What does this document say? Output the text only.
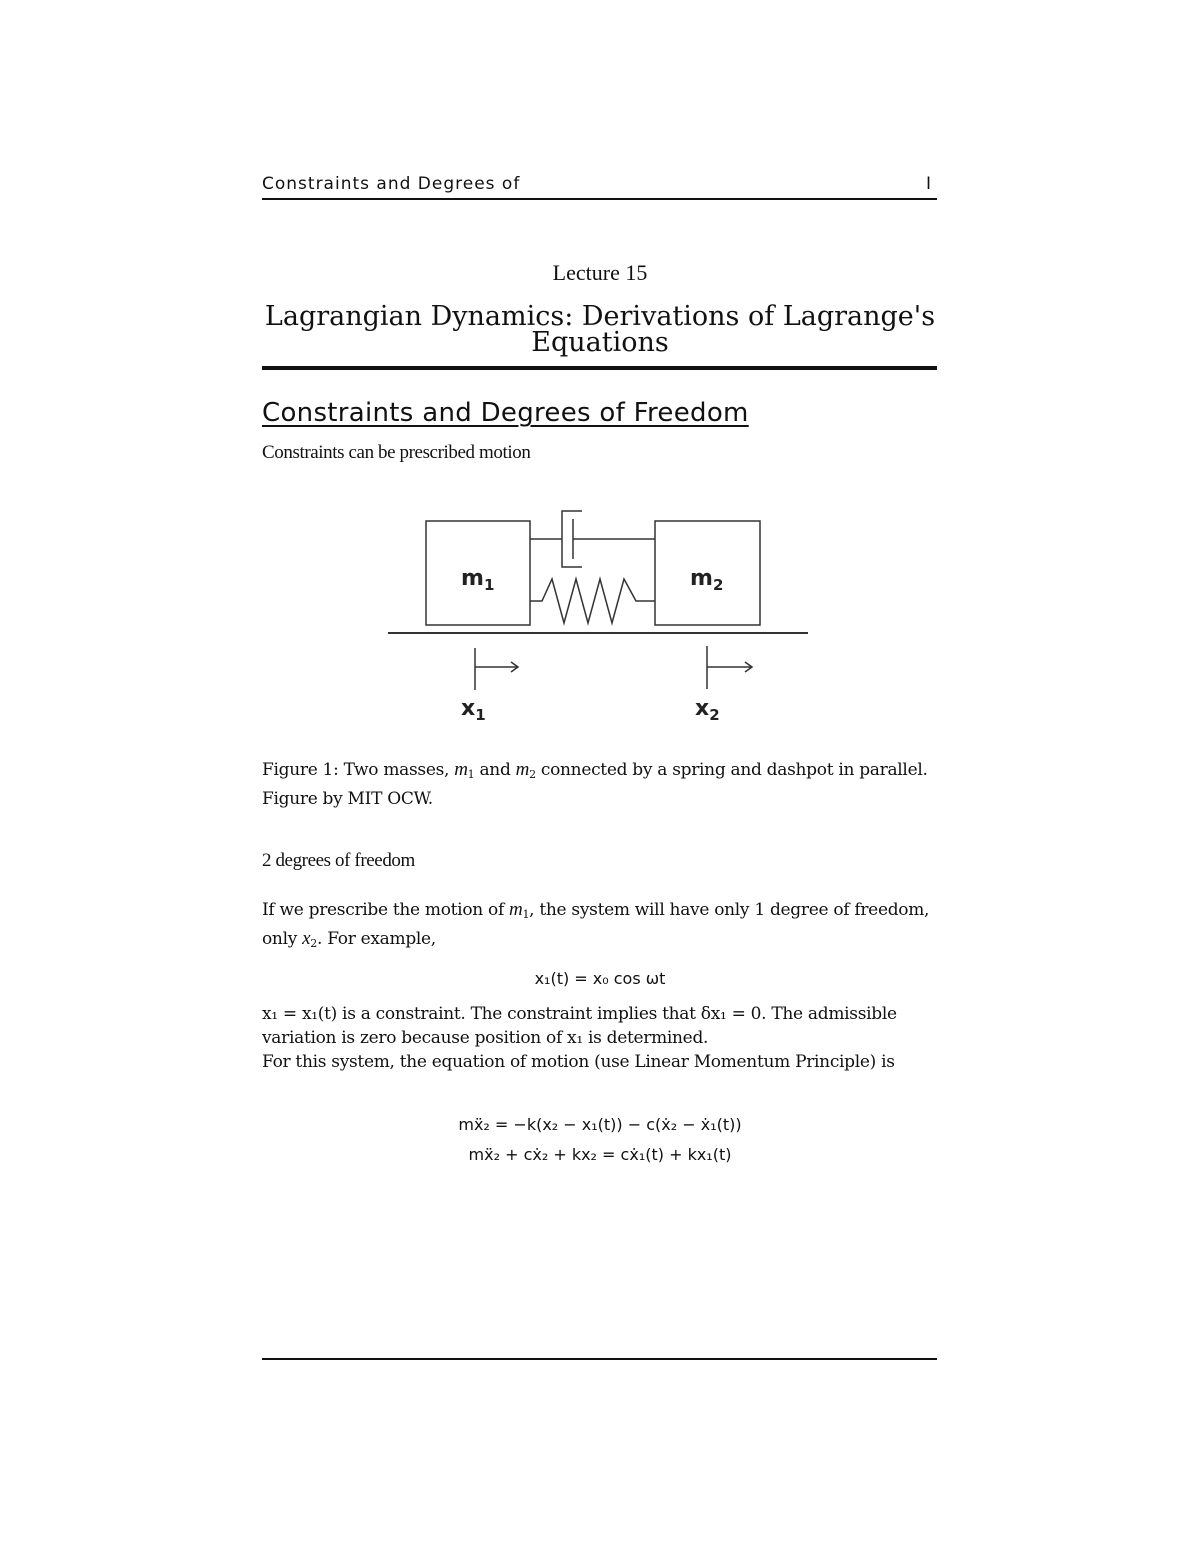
Constraints and Degrees of	I
Lecture 15
Lagrangian Dynamics: Derivations of Lagrange's
Equations
Constraints and Degrees of Freedom
Constraints can be prescribed motion
$m_1$	$m_2$
$x_1$	$x_2$
Figure 1: Two masses, $m_1$ and $m_2$ connected by a spring and dashpot in parallel.
Figure by MIT OCW.
2 degrees of freedom
If we prescribe the motion of $m_1$, the system will have only 1 degree of freedom,
only $x_2$. For example,
x₁(t) = x₀ cos ωt
x₁ = x₁(t) is a constraint. The constraint implies that δx₁ = 0. The admissible
variation is zero because position of x₁ is determined.
For this system, the equation of motion (use Linear Momentum Principle) is
mẍ₂ = −k(x₂ − x₁(t)) − c(ẋ₂ − ẋ₁(t))
mẍ₂ + cẋ₂ + kx₂ = cẋ₁(t) + kx₁(t)
